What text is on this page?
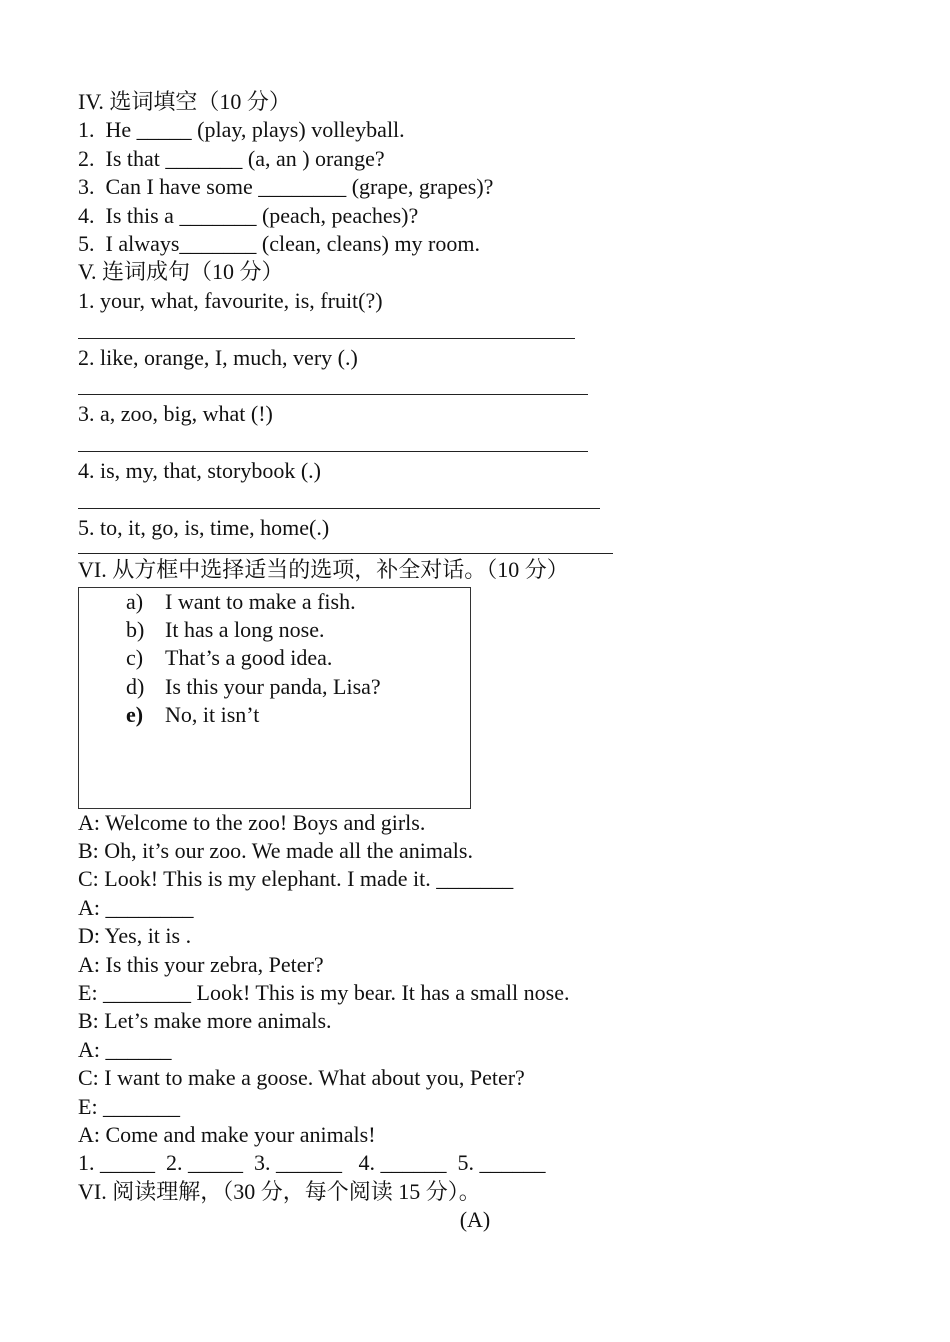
IV. 选词填空（10 分）
1.  He _____ (play, plays) volleyball.
2.  Is that _______ (a, an ) orange?
3.  Can I have some ________ (grape, grapes)?
4.  Is this a _______ (peach, peaches)?
5.  I always_______ (clean, cleans) my room.
V. 连词成句（10 分）
1. your, what, favourite, is, fruit(?)
2. like, orange, I, much, very (.)
3. a, zoo, big, what (!)
4. is, my, that, storybook (.)
5. to, it, go, is, time, home(.)
VI. 从方框中选择适当的选项，补全对话。（10 分）
a) I want to make a fish.
b) It has a long nose.
c) That’s a good idea.
d) Is this your panda, Lisa?
e) No, it isn’t
A: Welcome to the zoo! Boys and girls.
B: Oh, it’s our zoo. We made all the animals.
C: Look! This is my elephant. I made it. _______
A: ________
D: Yes, it is .
A: Is this your zebra, Peter?
E: ________ Look! This is my bear. It has a small nose.
B: Let’s make more animals.
A: ______
C: I want to make a goose. What about you, Peter?
E: _______
A: Come and make your animals!
1. _____  2. _____  3. ______   4. ______  5. ______
VI. 阅读理解，（30 分，每个阅读 15 分）。
(A)
